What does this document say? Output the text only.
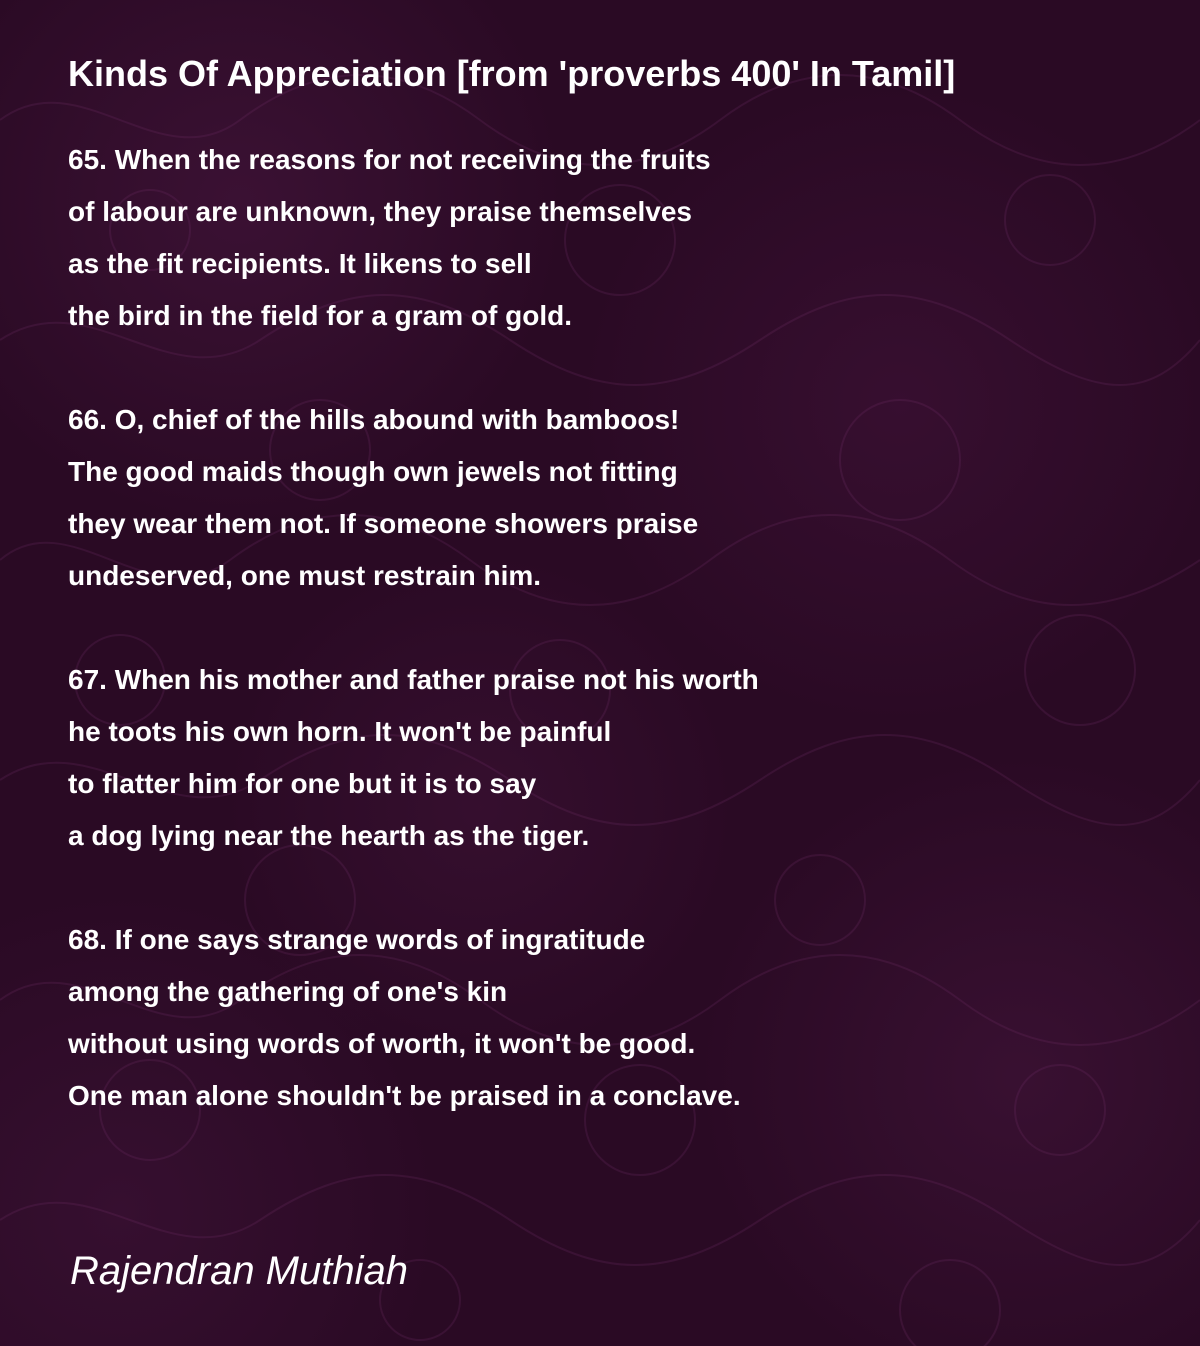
Kinds Of Appreciation [from 'proverbs 400' In Tamil]
65. When the reasons for not receiving the fruits
of labour are unknown, they praise themselves
as the fit recipients. It likens to sell
the bird in the field for a gram of gold.
66. O, chief of the hills abound with bamboos!
The good maids though own jewels not fitting
they wear them not. If someone showers praise
undeserved, one must restrain him.
67. When his mother and father praise not his worth
he toots his own horn. It won't be painful
to flatter him for one but it is to say
a dog lying near the hearth as the tiger.
68. If one says strange words of ingratitude
among the gathering of one's kin
without using words of worth, it won't be good.
One man alone shouldn't be praised in a conclave.
Rajendran Muthiah
